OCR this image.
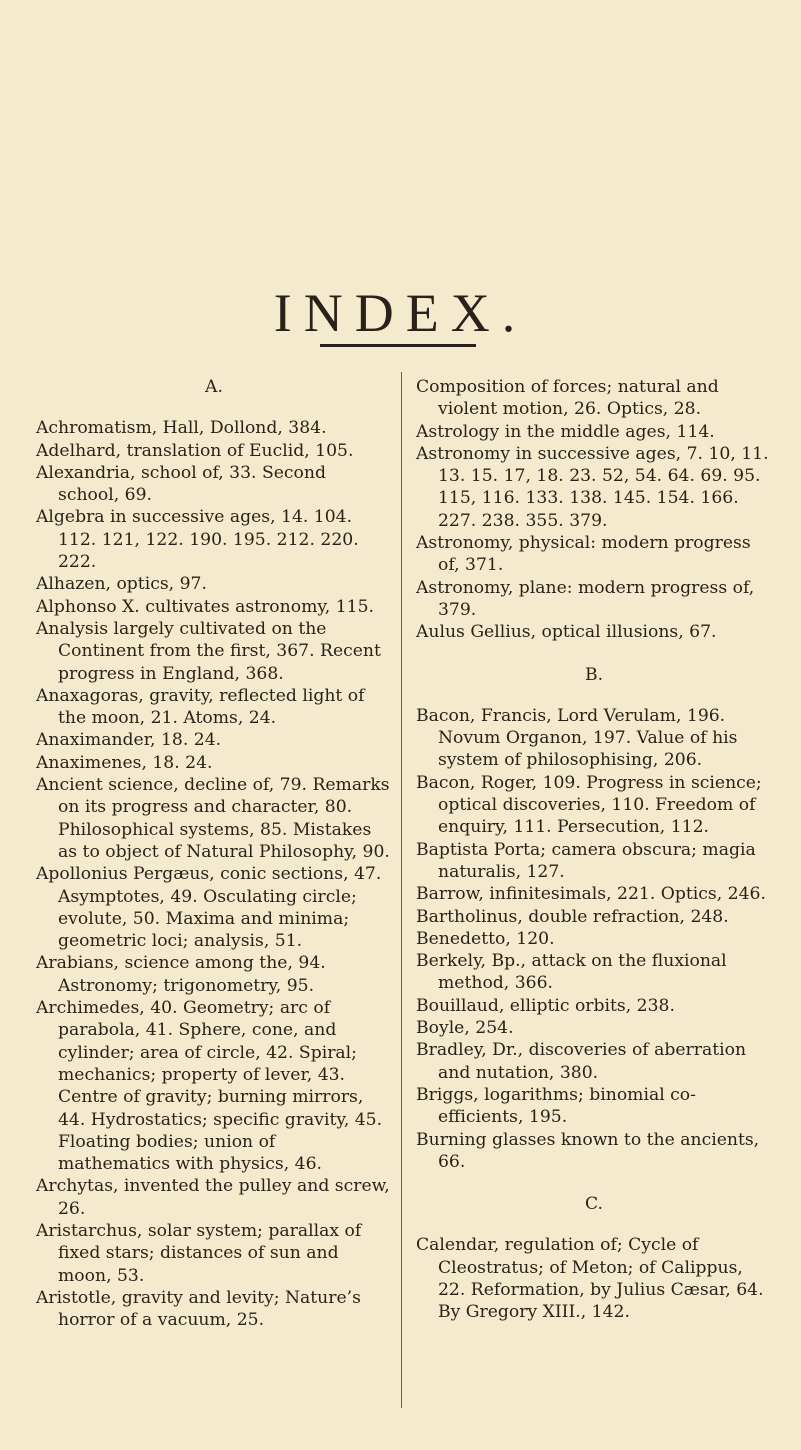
INDEX.

A.

Achromatism, Hall, Dollond, 384.

Adelhard, translation of Euclid, 105.

Alexandria, school of, 33. Second school, 69.

Algebra in successive ages, 14. 104. 112. 121, 122. 190. 195. 212. 220. 222.

Alhazen, optics, 97.

Alphonso X. cultivates astronomy, 115.

Analysis largely cultivated on the Continent from the first, 367. Recent progress in England, 368.

Anaxagoras, gravity, reflected light of the moon, 21. Atoms, 24.

Anaximander, 18. 24.

Anaximenes, 18. 24.

Ancient science, decline of, 79. Remarks on its progress and character, 80. Philosophical systems, 85. Mistakes as to object of Natural Philosophy, 90.

Apollonius Pergæus, conic sections, 47. Asymptotes, 49. Osculating circle; evolute, 50. Maxima and minima; geometric loci; analysis, 51.

Arabians, science among the, 94. Astronomy; trigonometry, 95.

Archimedes, 40. Geometry; arc of parabola, 41. Sphere, cone, and cylinder; area of circle, 42. Spiral; mechanics; property of lever, 43. Centre of gravity; burning mirrors, 44. Hydrostatics; specific gravity, 45. Floating bodies; union of mathematics with physics, 46.

Archytas, invented the pulley and screw, 26.

Aristarchus, solar system; parallax of fixed stars; distances of sun and moon, 53.

Aristotle, gravity and levity; Nature’s horror of a vacuum, 25.

Composition of forces; natural and violent motion, 26. Optics, 28.

Astrology in the middle ages, 114.

Astronomy in successive ages, 7. 10, 11. 13. 15. 17, 18. 23. 52, 54. 64. 69. 95. 115, 116. 133. 138. 145. 154. 166. 227. 238. 355. 379.

Astronomy, physical: modern progress of, 371.

Astronomy, plane: modern progress of, 379.

Aulus Gellius, optical illusions, 67.

B.

Bacon, Francis, Lord Verulam, 196. Novum Organon, 197. Value of his system of philosophising, 206.

Bacon, Roger, 109. Progress in science; optical discoveries, 110. Freedom of enquiry, 111. Persecution, 112.

Baptista Porta; camera obscura; magia naturalis, 127.

Barrow, infinitesimals, 221. Optics, 246.

Bartholinus, double refraction, 248.

Benedetto, 120.

Berkely, Bp., attack on the fluxional method, 366.

Bouillaud, elliptic orbits, 238.

Boyle, 254.

Bradley, Dr., discoveries of aberration and nutation, 380.

Briggs, logarithms; binomial co-efficients, 195.

Burning glasses known to the ancients, 66.

C.

Calendar, regulation of; Cycle of Cleostratus; of Meton; of Calippus, 22. Reformation, by Julius Cæsar, 64. By Gregory XIII., 142.
